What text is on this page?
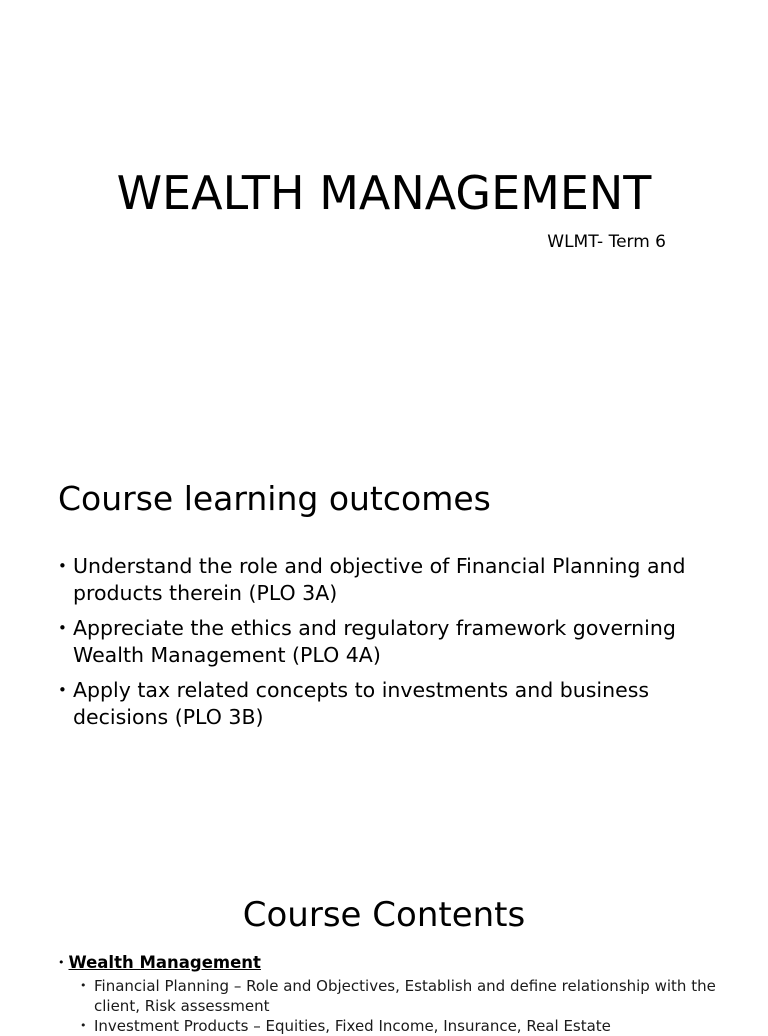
WEALTH MANAGEMENT

WLMT- Term 6

Course learning outcomes
• Understand the role and objective of Financial Planning and products therein (PLO 3A)
• Appreciate the ethics and regulatory framework governing Wealth Management (PLO 4A)
• Apply tax related concepts to investments and business decisions (PLO 3B)
Course Contents
• Wealth Management
• Financial Planning – Role and Objectives, Establish and define relationship with the client, Risk assessment
• Investment Products – Equities, Fixed Income, Insurance, Real Estate
